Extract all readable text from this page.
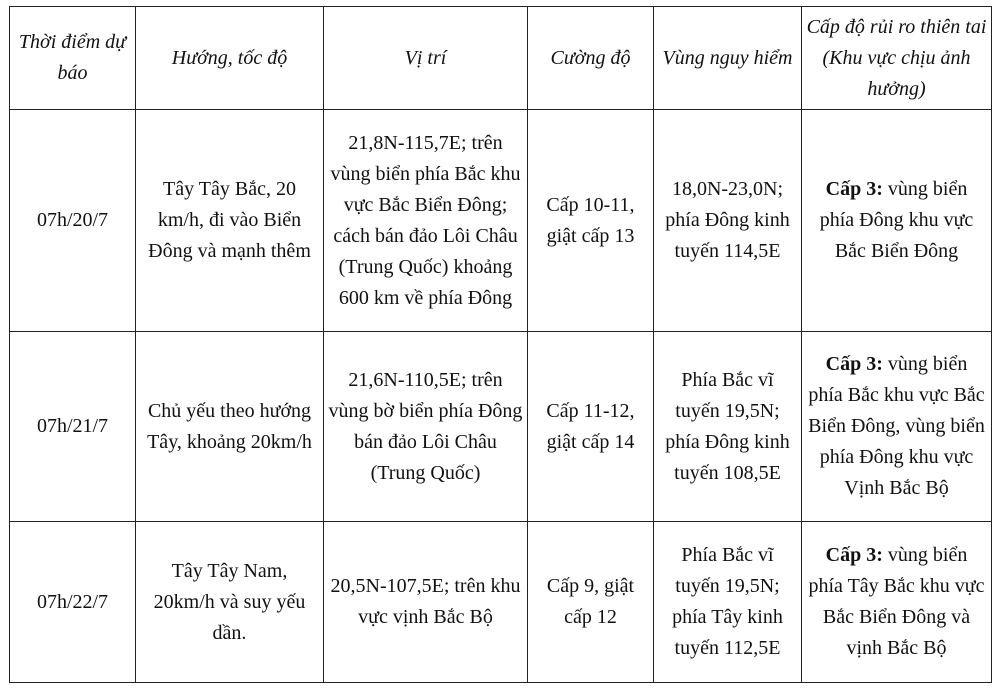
Thời điểm dự báo	Hướng, tốc độ	Vị trí	Cường độ	Vùng nguy hiểm	Cấp độ rủi ro thiên tai (Khu vực chịu ảnh hưởng)
07h/20/7	Tây Tây Bắc, 20 km/h, đi vào Biển Đông và mạnh thêm	21,8N-115,7E; trên vùng biển phía Bắc khu vực Bắc Biển Đông; cách bán đảo Lôi Châu (Trung Quốc) khoảng 600 km về phía Đông	Cấp 10-11, giật cấp 13	18,0N-23,0N; phía Đông kinh tuyến 114,5E	Cấp 3: vùng biển phía Đông khu vực Bắc Biển Đông
07h/21/7	Chủ yếu theo hướng Tây, khoảng 20km/h	21,6N-110,5E; trên vùng bờ biển phía Đông bán đảo Lôi Châu (Trung Quốc)	Cấp 11-12, giật cấp 14	Phía Bắc vĩ tuyến 19,5N; phía Đông kinh tuyến 108,5E	Cấp 3: vùng biển phía Bắc khu vực Bắc Biển Đông, vùng biển phía Đông khu vực Vịnh Bắc Bộ
07h/22/7	Tây Tây Nam, 20km/h và suy yếu dần.	20,5N-107,5E; trên khu vực vịnh Bắc Bộ	Cấp 9, giật cấp 12	Phía Bắc vĩ tuyến 19,5N; phía Tây kinh tuyến 112,5E	Cấp 3: vùng biển phía Tây Bắc khu vực Bắc Biển Đông và vịnh Bắc Bộ
